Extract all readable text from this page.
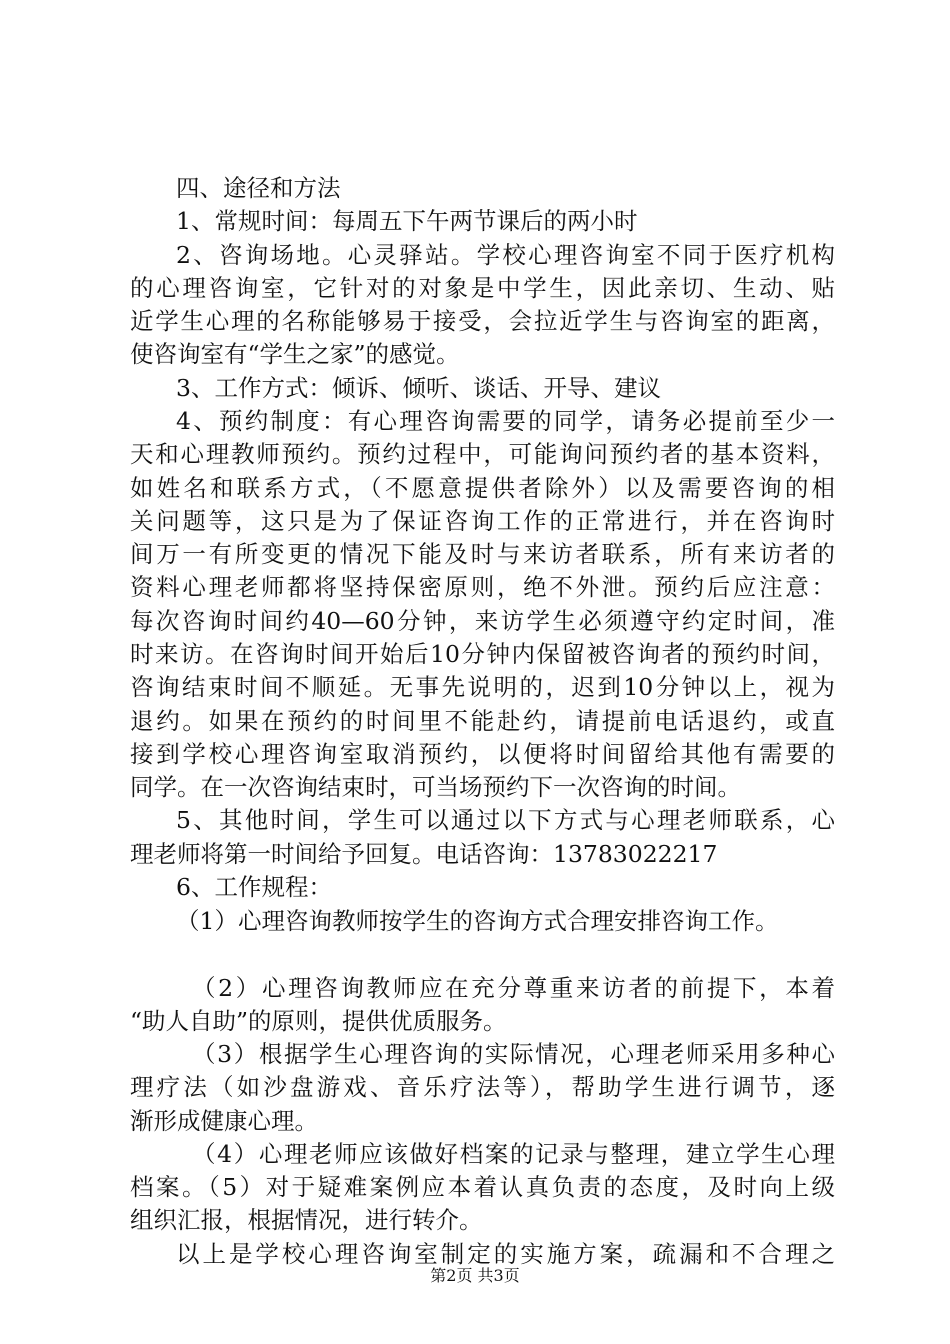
四、途径和方法
1、常规时间：每周五下午两节课后的两小时
2、咨询场地。心灵驿站。学校心理咨询室不同于医疗机构
的心理咨询室，它针对的对象是中学生，因此亲切、生动、贴
近学生心理的名称能够易于接受，会拉近学生与咨询室的距离，
使咨询室有“学生之家”的感觉。
3、工作方式：倾诉、倾听、谈话、开导、建议
4、预约制度：有心理咨询需要的同学，请务必提前至少一
天和心理教师预约。预约过程中，可能询问预约者的基本资料，
如姓名和联系方式，（不愿意提供者除外）以及需要咨询的相
关问题等，这只是为了保证咨询工作的正常进行，并在咨询时
间万一有所变更的情况下能及时与来访者联系，所有来访者的
资料心理老师都将坚持保密原则，绝不外泄。预约后应注意：
每次咨询时间约40—60分钟，来访学生必须遵守约定时间，准
时来访。在咨询时间开始后10分钟内保留被咨询者的预约时间，
咨询结束时间不顺延。无事先说明的，迟到10分钟以上，视为
退约。如果在预约的时间里不能赴约，请提前电话退约，或直
接到学校心理咨询室取消预约，以便将时间留给其他有需要的
同学。在一次咨询结束时，可当场预约下一次咨询的时间。
5、其他时间，学生可以通过以下方式与心理老师联系，心
理老师将第一时间给予回复。电话咨询：13783022217
6、工作规程：
（1）心理咨询教师按学生的咨询方式合理安排咨询工作。
（2）心理咨询教师应在充分尊重来访者的前提下，本着
“助人自助”的原则，提供优质服务。
（3）根据学生心理咨询的实际情况，心理老师采用多种心
理疗法（如沙盘游戏、音乐疗法等），帮助学生进行调节，逐
渐形成健康心理。
（4）心理老师应该做好档案的记录与整理，建立学生心理
档案。（5）对于疑难案例应本着认真负责的态度，及时向上级
组织汇报，根据情况，进行转介。
以上是学校心理咨询室制定的实施方案，疏漏和不合理之
第2页 共3页
